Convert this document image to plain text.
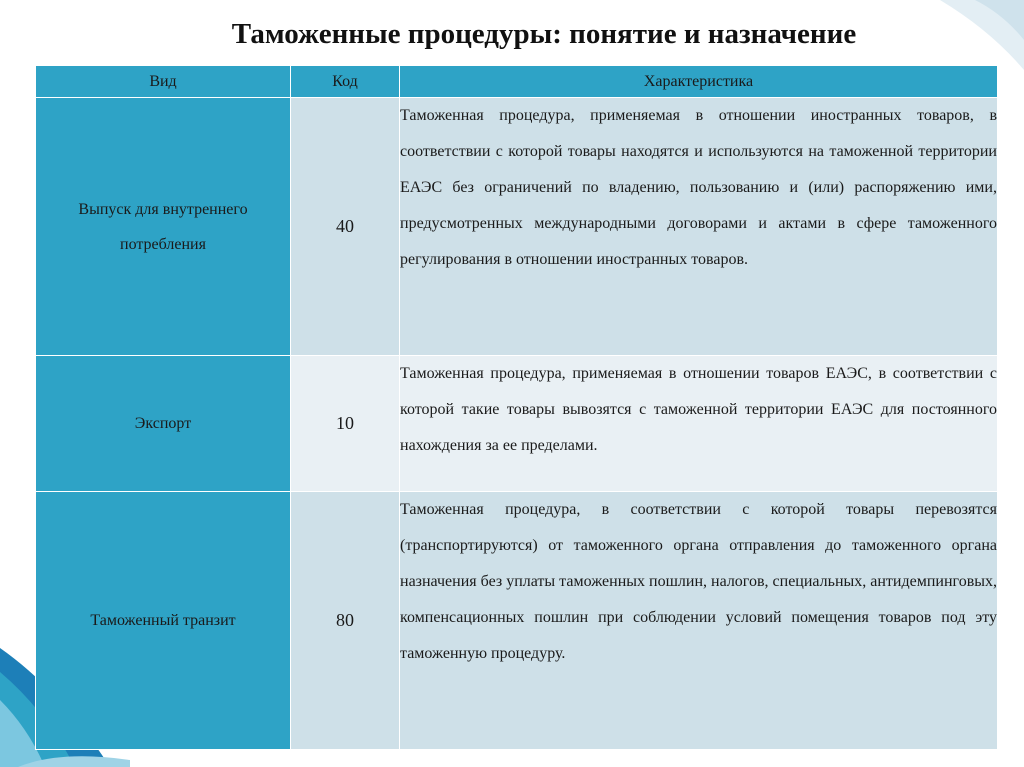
Таможенные процедуры: понятие и назначение
Вид	Код	Характеристика
Выпуск для внутреннего потребления	40	Таможенная процедура, применяемая в отношении иностранных товаров, в соответствии с которой товары находятся и используются на таможенной территории ЕАЭС без ограничений по владению, пользованию и (или) распоряжению ими, предусмотренных международными договорами и актами в сфере таможенного регулирования в отношении иностранных товаров.
Экспорт	10	Таможенная процедура, применяемая в отношении товаров ЕАЭС, в соответствии с которой такие товары вывозятся с таможенной территории ЕАЭС для постоянного нахождения за ее пределами.
Таможенный транзит	80	Таможенная процедура, в соответствии с которой товары перевозятся (транспортируются) от таможенного органа отправления до таможенного органа назначения без уплаты таможенных пошлин, налогов, специальных, антидемпинговых, компенсационных пошлин при соблюдении условий помещения товаров под эту таможенную процедуру.
